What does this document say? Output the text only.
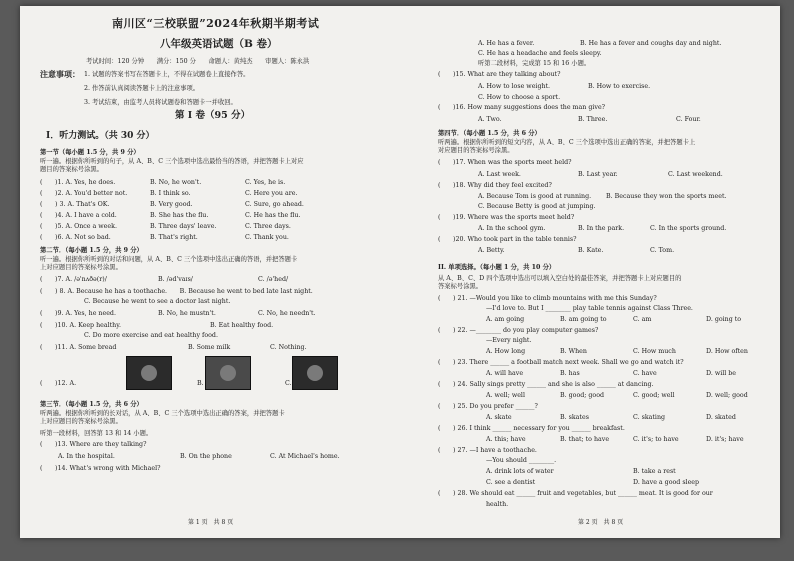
南川区“三校联盟”2024年秋期半期考试
八年级英语试题（B 卷）
考试时间：120 分钟　　满分：150 分　　命题人：黄纯杰　　审题人：陈永洪
注意事项： 1. 试题的答案书写在答题卡上，不得在试题卷上直接作答。
2. 作答前认真阅读答题卡上的注意事项。
3. 考试结束，由监考人员将试题卷和答题卡一并收回。
第 I 卷（95 分）
I．听力测试。（共 30 分）
第一节（每小题 1.5 分，共 9 分）
听一遍。根据你所听到的句子，从 A、B、C 三个选项中选出最恰当的答语，并把答题卡上对应
题目的答案标号涂黑。
(　　)1. A. Yes, he does.	B. No, he won't.	C. Yes, he is.
(　　)2. A. You'd better not.	B. I think so.	C. Here you are.
(　　) 3. A. That's OK.	B. Very good.	C. Sure, go ahead.
(　　)4. A. I have a cold.	B. She has the flu.	C. He has the flu.
(　　)5. A. Once a week.	B. Three days' leave.	C. Three days.
(　　)6. A. Not so bad.	B. That's right.	C. Thank you.
第二节．（每小题 1.5 分，共 9 分）
听一遍。根据你所听到的对话和问题，从 A、B、C 三个选项中选出正确的答语，并把答题卡
上对应题目的答案标号涂黑。
(　　)7. A. /ə'nʌðə(r)/	B. /əd'vaɪs/	C. /ə'hed/
(　　) 8. A. Because he has a toothache.　　B. Because he went to bed late last night.
C. Because he went to see a doctor last night.
(　　)9. A. Yes, he need.	B. No, he mustn't.	C. No, he needn't.
(　　)10. A. Keep healthy.	B. Eat healthy food.
C. Do more exercise and eat healthy food.
(　　)11. A. Some bread	B. Some milk	C. Nothing.
(　　)12. A.	B.	C.
第三节．（每小题 1.5 分，共 6 分）
听两遍。根据你所听到的长对话，从 A、B、C 三个选项中选出正确的答案，并把答题卡
上对应题目的答案标号涂黑。
听第一段材料，回答第 13 和 14 小题。
(　　)13. Where are they talking?
A. In the hospital.	B. On the phone	C. At Michael's home.
(　　)14. What's wrong with Michael?
第 1 页　共 8 页
A. He has a fever.	B. He has a fever and coughs day and night.
C. He has a headache and feels sleepy.
听第二段材料，完成第 15 和 16 小题。
(　　)15. What are they talking about?
A. How to lose weight.	B. How to exercise.
C. How to choose a sport.
(　　)16. How many suggestions does the man give?
A. Two.	B. Three.	C. Four.
第四节．（每小题 1.5 分，共 6 分）
听两遍。根据你所听到的短文内容，从 A、B、C 三个选项中选出正确的答案，并把答题卡上
对应题目的答案标号涂黑。
(　　)17. When was the sports meet held?
A. Last week.	B. Last year.	C. Last weekend.
(　　)18. Why did they feel excited?
A. Because Tom is good at running. B. Because they won the sports meet.
C. Because Betty is good at jumping.
(　　)19. Where was the sports meet held?
A. In the school gym.	B. In the park.	C. In the sports ground.
(　　)20. Who took part in the table tennis?
A. Betty.	B. Kate.	C. Tom.
II. 单项选择。（每小题 1 分，共 10 分）
从 A、B、C、D 四个选项中选出可以填入空白处的最佳答案，并把答题卡上对应题目的
答案标号涂黑。
(　　) 21. —Would you like to climb mountains with me this Sunday?
—I'd love to. But I ________ play table tennis against Class Three.
A. am going	B. am going to	C. am	D. going to
(　　) 22. —________ do you play computer games?
—Every night.
A. How long	B. When	C. How much	D. How often
(　　) 23. There ______ a football match next week. Shall we go and watch it?
A. will have	B. has	C. have	D. will be
(　　) 24. Sally sings pretty ______ and she is also ______ at dancing.
A. well; well	B. good; good	C. good; well	D. well; good
(　　) 25. Do you prefer ______?
A. skate	B. skates	C. skating	D. skated
(　　) 26. I think ______ necessary for you ______ breakfast.
A. this; have	B. that; to have	C. it's; to have	D. it's; have
(　　) 27. —I have a toothache.
—You should ________.
A. drink lots of water	B. take a rest
C. see a dentist	D. have a good sleep
(　　) 28. We should eat ______ fruit and vegetables, but ______ meat. It is good for our
health.
第 2 页　共 8 页
